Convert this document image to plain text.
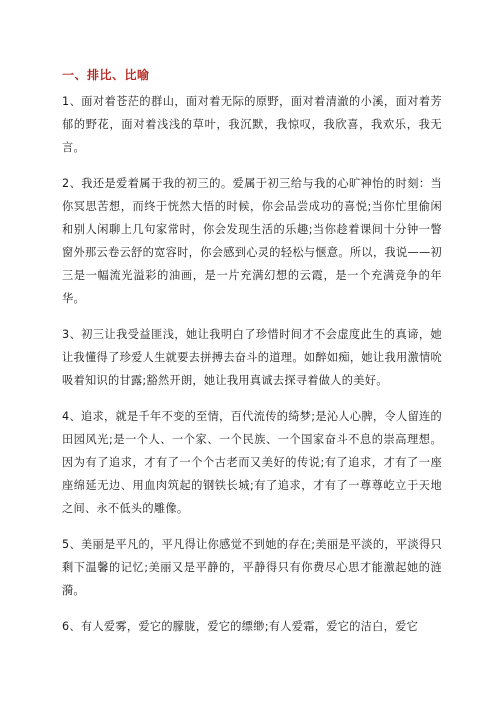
一、排比、比喻

1、面对着苍茫的群山，面对着无际的原野，面对着清澈的小溪，面对着芳郁的野花，面对着浅浅的草叶，我沉默，我惊叹，我欣喜，我欢乐，我无言。

2、我还是爱着属于我的初三的。爱属于初三给与我的心旷神怡的时刻：当你冥思苦想，而终于恍然大悟的时候，你会品尝成功的喜悦;当你忙里偷闲和别人闲聊上几句家常时，你会发现生活的乐趣;当你趁着课间十分钟一瞥窗外那云卷云舒的宽容时，你会感到心灵的轻松与惬意。所以，我说——初三是一幅流光溢彩的油画，是一片充满幻想的云霞，是一个充满竞争的年华。

3、初三让我受益匪浅，她让我明白了珍惜时间才不会虚度此生的真谛，她让我懂得了珍爱人生就要去拼搏去奋斗的道理。如醉如痴，她让我用激情吮吸着知识的甘露;豁然开朗，她让我用真诚去探寻着做人的美好。

4、追求，就是千年不变的至情，百代流传的绮梦;是沁人心脾，令人留连的田园风光;是一个人、一个家、一个民族、一个国家奋斗不息的崇高理想。因为有了追求，才有了一个个古老而又美好的传说;有了追求，才有了一座座绵延无边、用血肉筑起的钢铁长城;有了追求，才有了一尊尊屹立于天地之间、永不低头的雕像。

5、美丽是平凡的，平凡得让你感觉不到她的存在;美丽是平淡的，平淡得只剩下温馨的记忆;美丽又是平静的，平静得只有你费尽心思才能激起她的涟漪。

6、有人爱雾，爱它的朦胧，爱它的缥缈;有人爱霜，爱它的洁白，爱它
